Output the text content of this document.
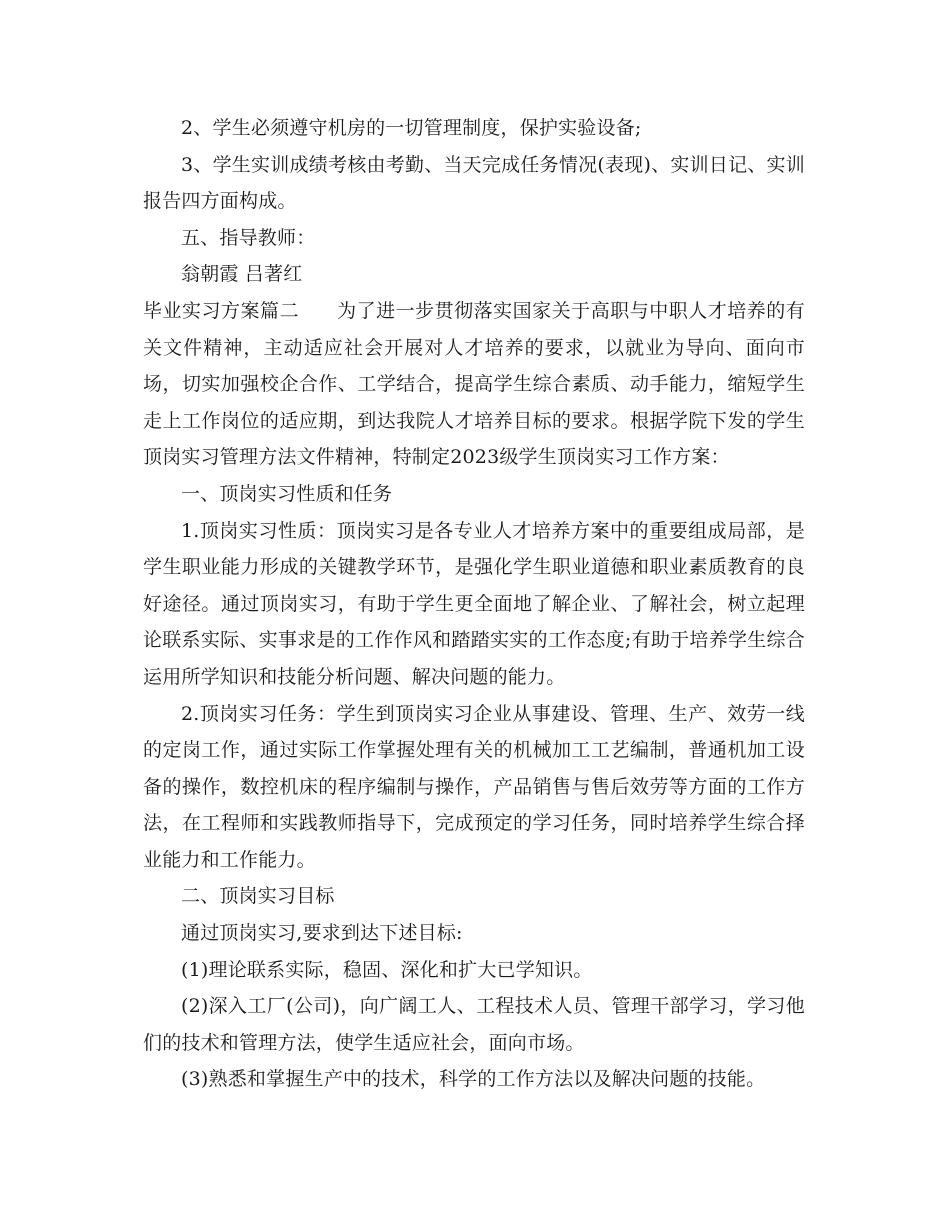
2、学生必须遵守机房的一切管理制度，保护实验设备;

3、学生实训成绩考核由考勤、当天完成任务情况(表现)、实训日记、实训报告四方面构成。

五、指导教师：

翁朝霞 吕著红

毕业实习方案篇二 为了进一步贯彻落实国家关于高职与中职人才培养的有关文件精神，主动适应社会开展对人才培养的要求，以就业为导向、面向市场，切实加强校企合作、工学结合，提高学生综合素质、动手能力，缩短学生走上工作岗位的适应期，到达我院人才培养目标的要求。根据学院下发的学生顶岗实习管理方法文件精神，特制定2023级学生顶岗实习工作方案：

一、顶岗实习性质和任务

1.顶岗实习性质：顶岗实习是各专业人才培养方案中的重要组成局部，是学生职业能力形成的关键教学环节，是强化学生职业道德和职业素质教育的良好途径。通过顶岗实习，有助于学生更全面地了解企业、了解社会，树立起理论联系实际、实事求是的工作作风和踏踏实实的工作态度;有助于培养学生综合运用所学知识和技能分析问题、解决问题的能力。

2.顶岗实习任务：学生到顶岗实习企业从事建设、管理、生产、效劳一线的定岗工作，通过实际工作掌握处理有关的机械加工工艺编制，普通机加工设备的操作，数控机床的程序编制与操作，产品销售与售后效劳等方面的工作方法，在工程师和实践教师指导下，完成预定的学习任务，同时培养学生综合择业能力和工作能力。

二、顶岗实习目标

通过顶岗实习,要求到达下述目标:

(1)理论联系实际，稳固、深化和扩大已学知识。

(2)深入工厂(公司)，向广阔工人、工程技术人员、管理干部学习，学习他们的技术和管理方法，使学生适应社会，面向市场。

(3)熟悉和掌握生产中的技术，科学的工作方法以及解决问题的技能。
